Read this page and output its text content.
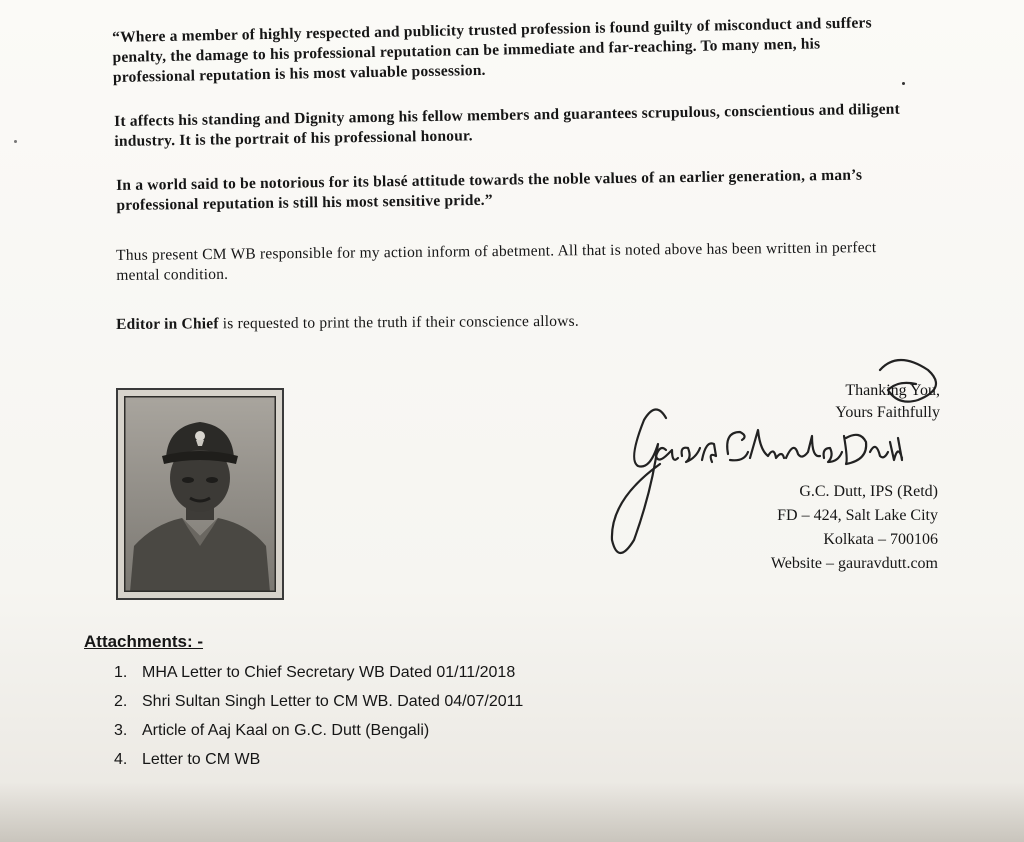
“Where a member of highly respected and publicity trusted profession is found guilty of misconduct and suffers penalty, the damage to his professional reputation can be immediate and far-reaching. To many men, his professional reputation is his most valuable possession.

It affects his standing and Dignity among his fellow members and guarantees scrupulous, conscientious and diligent industry. It is the portrait of his professional honour.

In a world said to be notorious for its blasé attitude towards the noble values of an earlier generation, a man’s professional reputation is still his most sensitive pride.”

Thus present CM WB responsible for my action inform of abetment. All that is noted above has been written in perfect mental condition.

Editor in Chief is requested to print the truth if their conscience allows.

Thanking You,
Yours Faithfully
G.C. Dutt, IPS (Retd)
FD – 424, Salt Lake City
Kolkata – 700106
Website – gauravdutt.com
Attachments: -
1. MHA Letter to Chief Secretary WB Dated 01/11/2018
2. Shri Sultan Singh Letter to CM WB. Dated 04/07/2011
3. Article of Aaj Kaal on G.C. Dutt (Bengali)
4. Letter to CM WB
